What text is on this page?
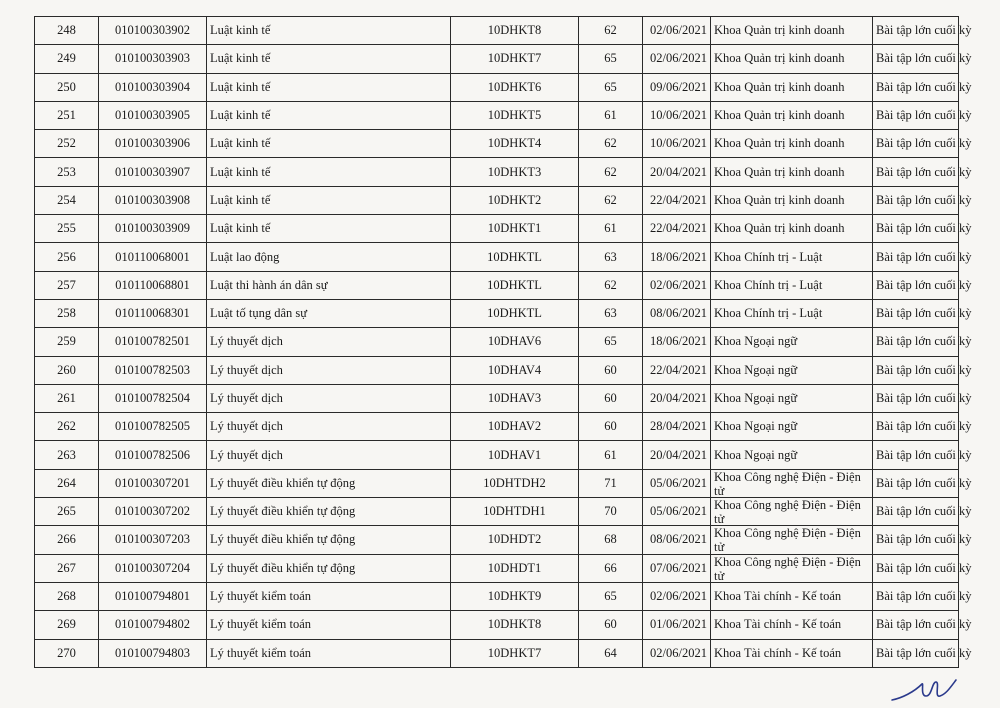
248	010100303902	Luật kinh tế	10DHKT8	62	02/06/2021	Khoa Quản trị kinh doanh	Bài tập lớn cuối kỳ
249	010100303903	Luật kinh tế	10DHKT7	65	02/06/2021	Khoa Quản trị kinh doanh	Bài tập lớn cuối kỳ
250	010100303904	Luật kinh tế	10DHKT6	65	09/06/2021	Khoa Quản trị kinh doanh	Bài tập lớn cuối kỳ
251	010100303905	Luật kinh tế	10DHKT5	61	10/06/2021	Khoa Quản trị kinh doanh	Bài tập lớn cuối kỳ
252	010100303906	Luật kinh tế	10DHKT4	62	10/06/2021	Khoa Quản trị kinh doanh	Bài tập lớn cuối kỳ
253	010100303907	Luật kinh tế	10DHKT3	62	20/04/2021	Khoa Quản trị kinh doanh	Bài tập lớn cuối kỳ
254	010100303908	Luật kinh tế	10DHKT2	62	22/04/2021	Khoa Quản trị kinh doanh	Bài tập lớn cuối kỳ
255	010100303909	Luật kinh tế	10DHKT1	61	22/04/2021	Khoa Quản trị kinh doanh	Bài tập lớn cuối kỳ
256	010110068001	Luật lao động	10DHKTL	63	18/06/2021	Khoa Chính trị - Luật	Bài tập lớn cuối kỳ
257	010110068801	Luật thi hành án dân sự	10DHKTL	62	02/06/2021	Khoa Chính trị - Luật	Bài tập lớn cuối kỳ
258	010110068301	Luật tố tụng dân sự	10DHKTL	63	08/06/2021	Khoa Chính trị - Luật	Bài tập lớn cuối kỳ
259	010100782501	Lý thuyết dịch	10DHAV6	65	18/06/2021	Khoa Ngoại ngữ	Bài tập lớn cuối kỳ
260	010100782503	Lý thuyết dịch	10DHAV4	60	22/04/2021	Khoa Ngoại ngữ	Bài tập lớn cuối kỳ
261	010100782504	Lý thuyết dịch	10DHAV3	60	20/04/2021	Khoa Ngoại ngữ	Bài tập lớn cuối kỳ
262	010100782505	Lý thuyết dịch	10DHAV2	60	28/04/2021	Khoa Ngoại ngữ	Bài tập lớn cuối kỳ
263	010100782506	Lý thuyết dịch	10DHAV1	61	20/04/2021	Khoa Ngoại ngữ	Bài tập lớn cuối kỳ
264	010100307201	Lý thuyết điều khiển tự động	10DHTDH2	71	05/06/2021	Khoa Công nghệ Điện - Điện tử	Bài tập lớn cuối kỳ
265	010100307202	Lý thuyết điều khiển tự động	10DHTDH1	70	05/06/2021	Khoa Công nghệ Điện - Điện tử	Bài tập lớn cuối kỳ
266	010100307203	Lý thuyết điều khiển tự động	10DHDT2	68	08/06/2021	Khoa Công nghệ Điện - Điện tử	Bài tập lớn cuối kỳ
267	010100307204	Lý thuyết điều khiển tự động	10DHDT1	66	07/06/2021	Khoa Công nghệ Điện - Điện tử	Bài tập lớn cuối kỳ
268	010100794801	Lý thuyết kiểm toán	10DHKT9	65	02/06/2021	Khoa Tài chính - Kế toán	Bài tập lớn cuối kỳ
269	010100794802	Lý thuyết kiểm toán	10DHKT8	60	01/06/2021	Khoa Tài chính - Kế toán	Bài tập lớn cuối kỳ
270	010100794803	Lý thuyết kiểm toán	10DHKT7	64	02/06/2021	Khoa Tài chính - Kế toán	Bài tập lớn cuối kỳ
